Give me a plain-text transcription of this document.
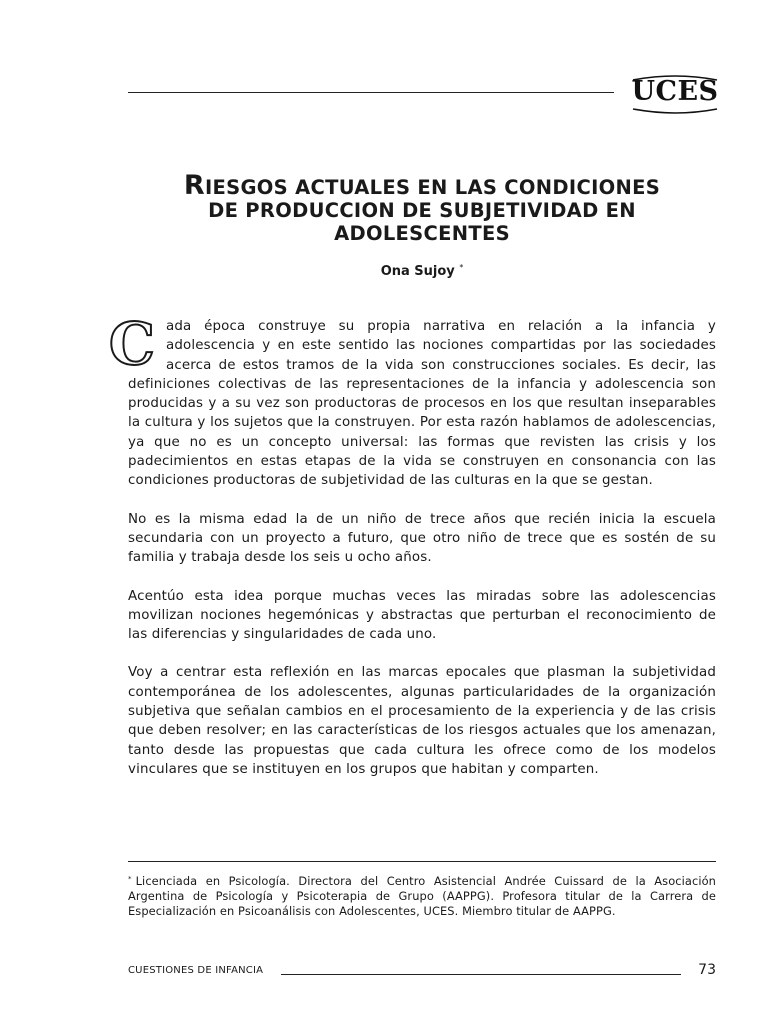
UCES
RIESGOS ACTUALES EN LAS CONDICIONES
DE PRODUCCION DE SUBJETIVIDAD EN
ADOLESCENTES

Ona Sujoy *

Cada época construye su propia narrativa en relación a la infancia y adolescencia y en este sentido las nociones compartidas por las sociedades acerca de estos tramos de la vida son construcciones sociales. Es decir, las definiciones colectivas de las representaciones de la infancia y adolescencia son producidas y a su vez son productoras de procesos en los que resultan inseparables la cultura y los sujetos que la construyen. Por esta razón hablamos de adolescencias, ya que no es un concepto universal: las formas que revisten las crisis y los padecimientos en estas etapas de la vida se construyen en consonancia con las condiciones productoras de subjetividad de las culturas en la que se gestan.

No es la misma edad la de un niño de trece años que recién inicia la escuela secundaria con un proyecto a futuro, que otro niño de trece que es sostén de su familia y trabaja desde los seis u ocho años.

Acentúo esta idea porque muchas veces las miradas sobre las adolescencias movilizan nociones hegemónicas y abstractas que perturban el reconocimiento de las diferencias y singularidades de cada uno.

Voy a centrar esta reflexión en las marcas epocales que plasman la subjetividad contemporánea de los adolescentes, algunas particularidades de la organización subjetiva que señalan cambios en el procesamiento de la experiencia y de las crisis que deben resolver; en las características de los riesgos actuales que los amenazan, tanto desde las propuestas que cada cultura les ofrece como de los modelos vinculares que se instituyen en los grupos que habitan y comparten.

* Licenciada en Psicología. Directora del Centro Asistencial Andrée Cuissard de la Asociación Argentina de Psicología y Psicoterapia de Grupo (AAPPG). Profesora titular de la Carrera de Especialización en Psicoanálisis con Adolescentes, UCES. Miembro titular de AAPPG.

CUESTIONES DE INFANCIA	73
